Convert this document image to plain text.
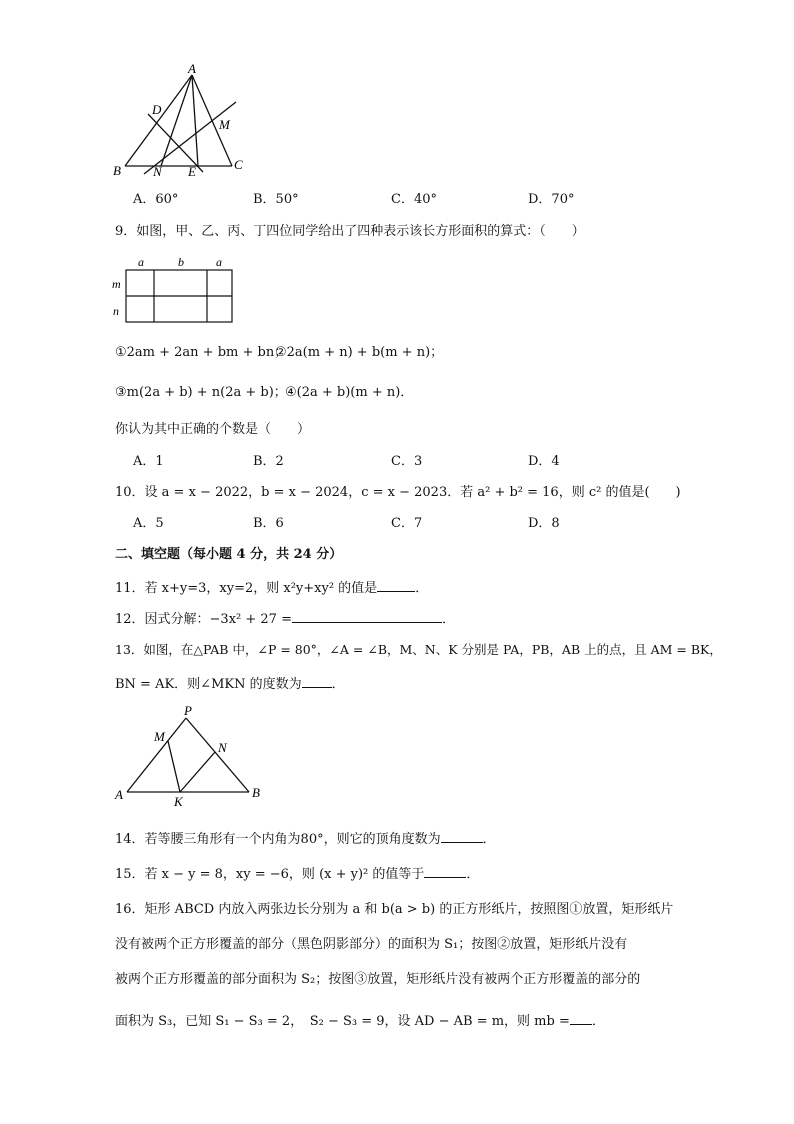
A
D
M
B N E	C
A．60°	B．50°	C．40°	D．70°
9．如图，甲、乙、丙、丁四位同学给出了四种表示该长方形面积的算式：（　　）
a	b	a
m
n
①2am + 2an + bm + bn；
②2a(m + n) + b(m + n)；
③m(2a + b) + n(2a + b)；
④(2a + b)(m + n)．
你认为其中正确的个数是（　　）
A．1	B．2	C．3	D．4
10．设 a = x − 2022，b = x − 2024，c = x − 2023．若 a² + b² = 16，则 c² 的值是(　　)
A．5	B．6	C．7	D．8
二、填空题（每小题 4 分，共 24 分）
11．若 x+y=3，xy=2，则 x²y+xy² 的值是	．
12．因式分解：−3x² + 27 =	．
13．如图，在△PAB 中，∠P = 80°，∠A = ∠B，M、N、K 分别是 PA，PB，AB 上的点，且 AM = BK，
BN = AK．则∠MKN 的度数为 ．
P
M
N
A	K
B
14．若等腰三角形有一个内角为80°，则它的顶角度数为	．
15．若 x − y = 8，xy = −6，则 (x + y)² 的值等于	．
16．矩形 ABCD 内放入两张边长分别为 a 和 b(a > b) 的正方形纸片，按照图①放置，矩形纸片
没有被两个正方形覆盖的部分（黑色阴影部分）的面积为 S₁；按图②放置，矩形纸片没有
被两个正方形覆盖的部分面积为 S₂；按图③放置，矩形纸片没有被两个正方形覆盖的部分的
面积为 S₃，已知 S₁ − S₃ = 2，　S₂ − S₃ = 9，设 AD − AB = m，则 mb = ．
